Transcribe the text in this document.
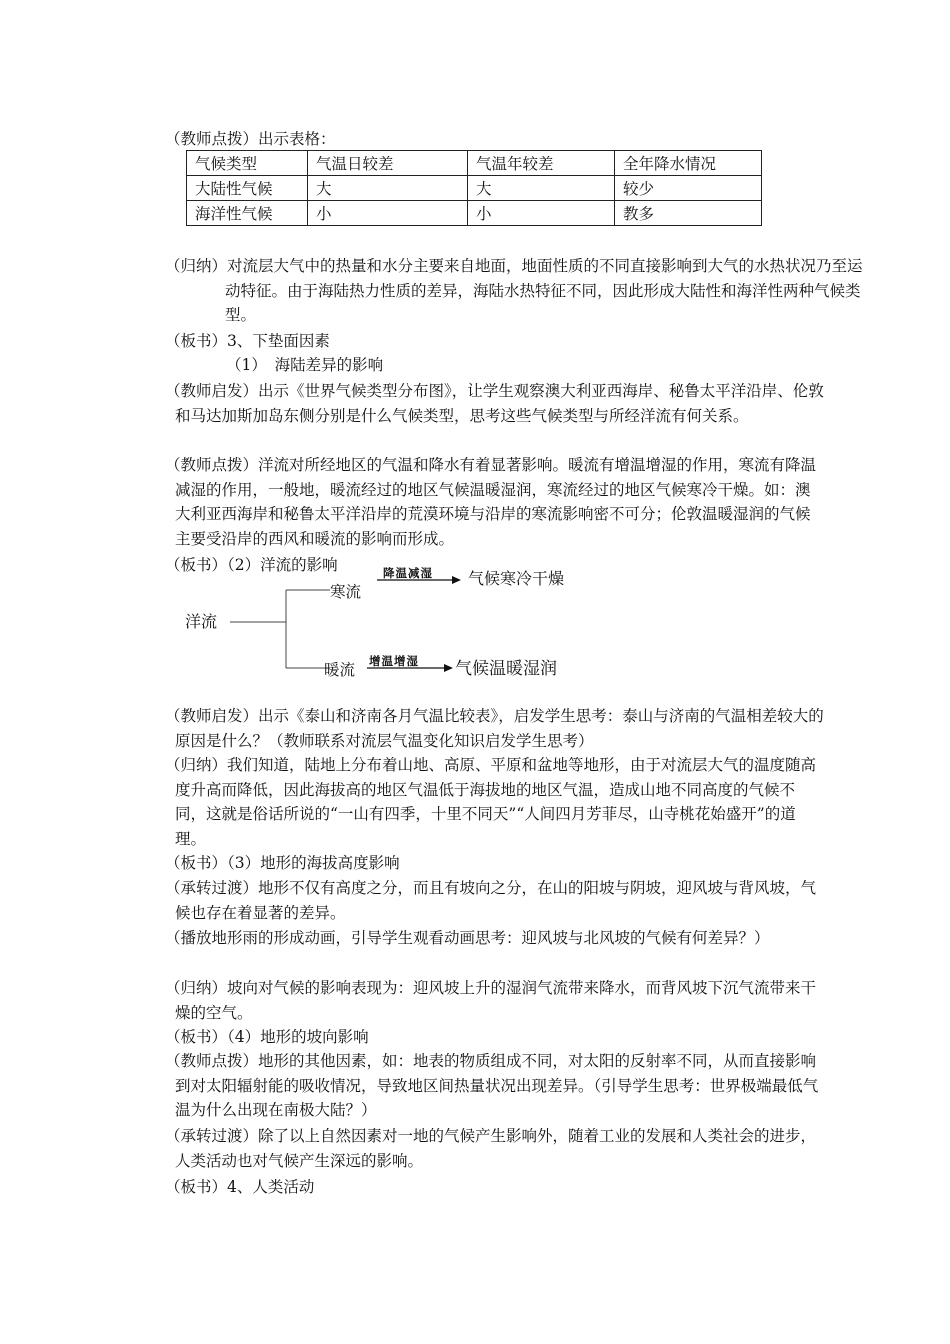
（教师点拨）出示表格：
气候类型	气温日较差	气温年较差	全年降水情况
大陆性气候	大	大	较少
海洋性气候	小	小	教多
（归纳）对流层大气中的热量和水分主要来自地面，地面性质的不同直接影响到大气的水热状况乃至运动特征。由于海陆热力性质的差异，海陆水热特征不同，因此形成大陆性和海洋性两种气候类型。
（板书）3、下垫面因素
（1）　海陆差异的影响
（教师启发）出示《世界气候类型分布图》，让学生观察澳大利亚西海岸、秘鲁太平洋沿岸、伦敦和马达加斯加岛东侧分别是什么气候类型，思考这些气候类型与所经洋流有何关系。
（教师点拨）洋流对所经地区的气温和降水有着显著影响。暖流有增温增湿的作用，寒流有降温减湿的作用，一般地，暖流经过的地区气候温暖湿润，寒流经过的地区气候寒冷干燥。如：澳大利亚西海岸和秘鲁太平洋沿岸的荒漠环境与沿岸的寒流影响密不可分；伦敦温暖湿润的气候主要受沿岸的西风和暖流的影响而形成。
（板书）（2）洋流的影响
洋流
寒流
降温减湿 气候寒冷干燥
暖流 增温增湿 气候温暖湿润
（教师启发）出示《泰山和济南各月气温比较表》，启发学生思考：泰山与济南的气温相差较大的原因是什么？（教师联系对流层气温变化知识启发学生思考）
（归纳）我们知道，陆地上分布着山地、高原、平原和盆地等地形，由于对流层大气的温度随高度升高而降低，因此海拔高的地区气温低于海拔地的地区气温，造成山地不同高度的气候不同，这就是俗话所说的“一山有四季，十里不同天”“人间四月芳菲尽，山寺桃花始盛开”的道理。
（板书）（3）地形的海拔高度影响
（承转过渡）地形不仅有高度之分，而且有坡向之分，在山的阳坡与阴坡，迎风坡与背风坡，气候也存在着显著的差异。
（播放地形雨的形成动画，引导学生观看动画思考：迎风坡与北风坡的气候有何差异？）
（归纳）坡向对气候的影响表现为：迎风坡上升的湿润气流带来降水，而背风坡下沉气流带来干燥的空气。
（板书）（4）地形的坡向影响
（教师点拨）地形的其他因素，如：地表的物质组成不同，对太阳的反射率不同，从而直接影响到对太阳辐射能的吸收情况，导致地区间热量状况出现差异。（引导学生思考：世界极端最低气温为什么出现在南极大陆？）
（承转过渡）除了以上自然因素对一地的气候产生影响外，随着工业的发展和人类社会的进步，人类活动也对气候产生深远的影响。
（板书）4、人类活动
